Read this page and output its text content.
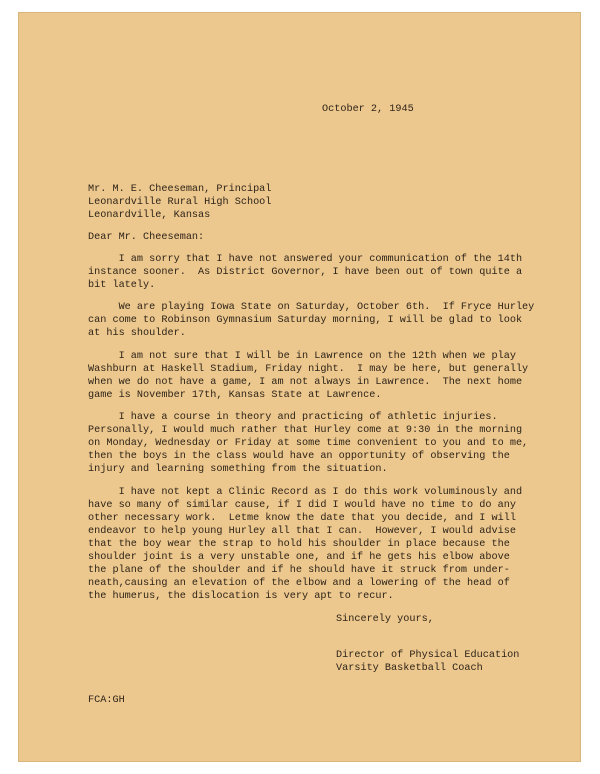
October 2, 1945

Mr. M. E. Cheeseman, Principal

Leonardville Rural High School

Leonardville, Kansas

Dear Mr. Cheeseman:

I am sorry that I have not answered your communication of the 14th

instance sooner.  As District Governor, I have been out of town quite a

bit lately.

We are playing Iowa State on Saturday, October 6th.  If Fryce Hurley

can come to Robinson Gymnasium Saturday morning, I will be glad to look

at his shoulder.

I am not sure that I will be in Lawrence on the 12th when we play

Washburn at Haskell Stadium, Friday night.  I may be here, but generally

when we do not have a game, I am not always in Lawrence.  The next home

game is November 17th, Kansas State at Lawrence.

I have a course in theory and practicing of athletic injuries.

Personally, I would much rather that Hurley come at 9:30 in the morning

on Monday, Wednesday or Friday at some time convenient to you and to me,

then the boys in the class would have an opportunity of observing the

injury and learning something from the situation.

I have not kept a Clinic Record as I do this work voluminously and

have so many of similar cause, if I did I would have no time to do any

other necessary work.  Letme know the date that you decide, and I will

endeavor to help young Hurley all that I can.  However, I would advise

that the boy wear the strap to hold his shoulder in place because the

shoulder joint is a very unstable one, and if he gets his elbow above

the plane of the shoulder and if he should have it struck from under-

neath,causing an elevation of the elbow and a lowering of the head of

the humerus, the dislocation is very apt to recur.

Sincerely yours,

Director of Physical Education

Varsity Basketball Coach

FCA:GH
